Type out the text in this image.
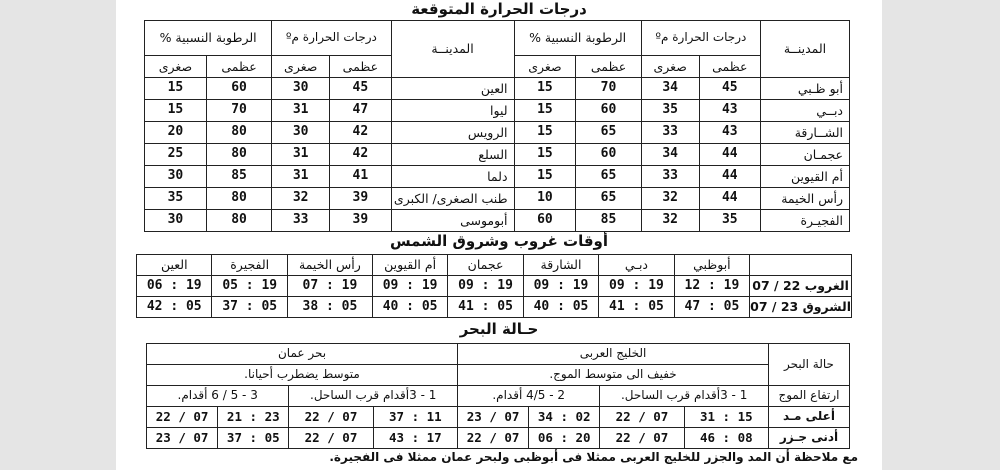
درجات الحرارة المتوقعة
المدينــة	درجات الحرارة مº		الرطوبة النسبية %		المدينــة	درجات الحرارة مº		الرطوبة النسبية %	
	عظمى	صغرى	عظمى	صغرى		عظمى	صغرى	عظمى	صغرى
أبو ظـبي	45	34	70	15	العين	45	30	60	15
دبــي	43	35	60	15	ليوا	47	31	70	15
الشــارقة	43	33	65	15	الرويس	42	30	80	20
عجمـان	44	34	60	15	السلع	42	31	80	25
أم القيوين	44	33	65	15	دلما	41	31	85	30
رأس الخيمة	44	32	65	10	طنب الصغرى/ الكبرى	39	32	80	35
الفجيـرة	35	32	85	60	أبوموسى	39	33	80	30
أوقات غروب وشروق الشمس
	أبوظبي	دبـي	الشارقة	عجمان	أم القيوين	رأس الخيمة	الفجيرة	العين
الغروب 22 / 07	19 : 12	19 : 09	19 : 09	19 : 09	19 : 09	19 : 07	19 : 05	19 : 06
الشروق 23 / 07	05 : 47	05 : 41	05 : 40	05 : 41	05 : 40	05 : 38	05 : 37	05 : 42
حـالة البحر
حالة البحر	الخليج العربى				بحر عمان			
	خفيف الى متوسط الموج.				متوسط يضطرب أحيانا.			
ارتفاع الموج	1 - 3أقدام قرب الساحل.		2 - 4/5 أقدام.		1 - 3أقدام قرب الساحل.		3 - 5 / 6 أقدام.	
أعلى مـد	15 : 31	07 / 22	02 : 34	07 / 23	11 : 37	07 / 22	23 : 21	07 / 22
أدنى جـزر	08 : 46	07 / 22	20 : 06	07 / 22	17 : 43	07 / 22	05 : 37	07 / 23
مع ملاحظة أن المد والجزر للخليج العربى ممثلا فى أبوظبى ولبحر عمان ممثلا فى الفجيرة.
